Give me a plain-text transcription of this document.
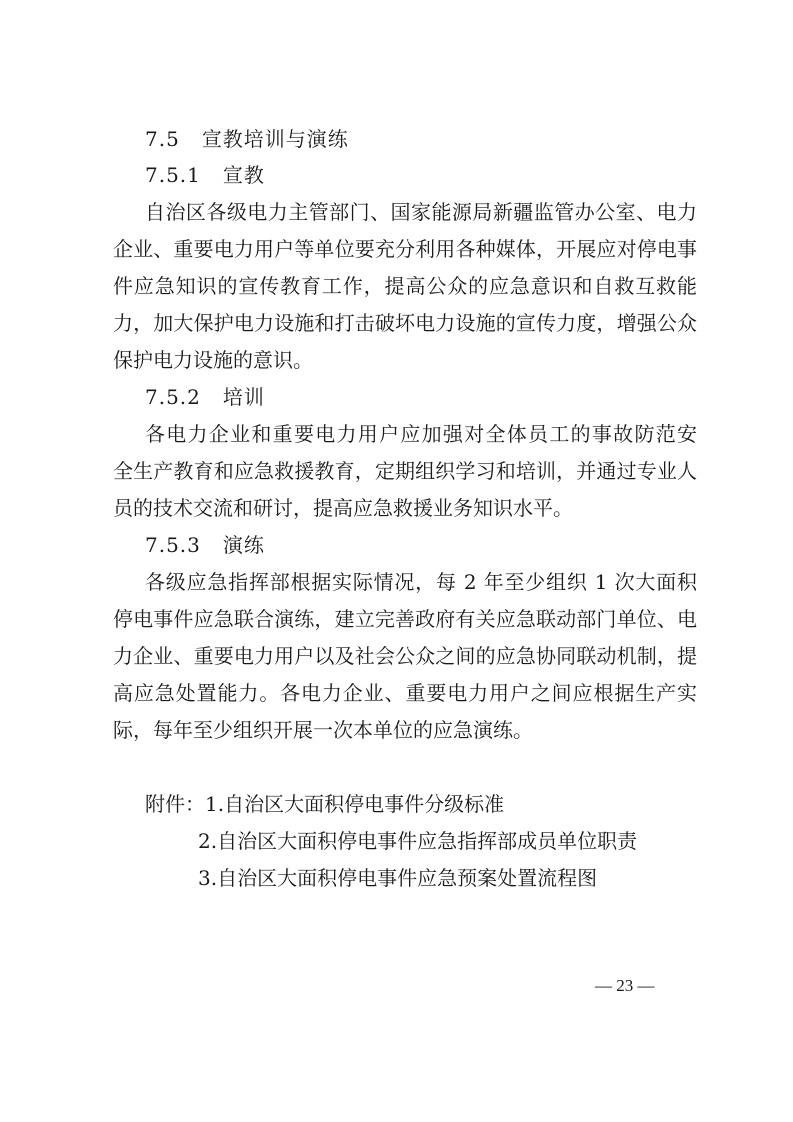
7.5 宣教培训与演练
7.5.1 宣教
自治区各级电力主管部门、国家能源局新疆监管办公室、电力
企业、重要电力用户等单位要充分利用各种媒体，开展应对停电事
件应急知识的宣传教育工作，提高公众的应急意识和自救互救能
力，加大保护电力设施和打击破坏电力设施的宣传力度，增强公众
保护电力设施的意识。
7.5.2 培训
各电力企业和重要电力用户应加强对全体员工的事故防范安
全生产教育和应急救援教育，定期组织学习和培训，并通过专业人
员的技术交流和研讨，提高应急救援业务知识水平。
7.5.3 演练
各级应急指挥部根据实际情况，每 2 年至少组织 1 次大面积
停电事件应急联合演练，建立完善政府有关应急联动部门单位、电
力企业、重要电力用户以及社会公众之间的应急协同联动机制，提
高应急处置能力。各电力企业、重要电力用户之间应根据生产实
际，每年至少组织开展一次本单位的应急演练。
附件：1.自治区大面积停电事件分级标准
2.自治区大面积停电事件应急指挥部成员单位职责
3.自治区大面积停电事件应急预案处置流程图
— 23 —
